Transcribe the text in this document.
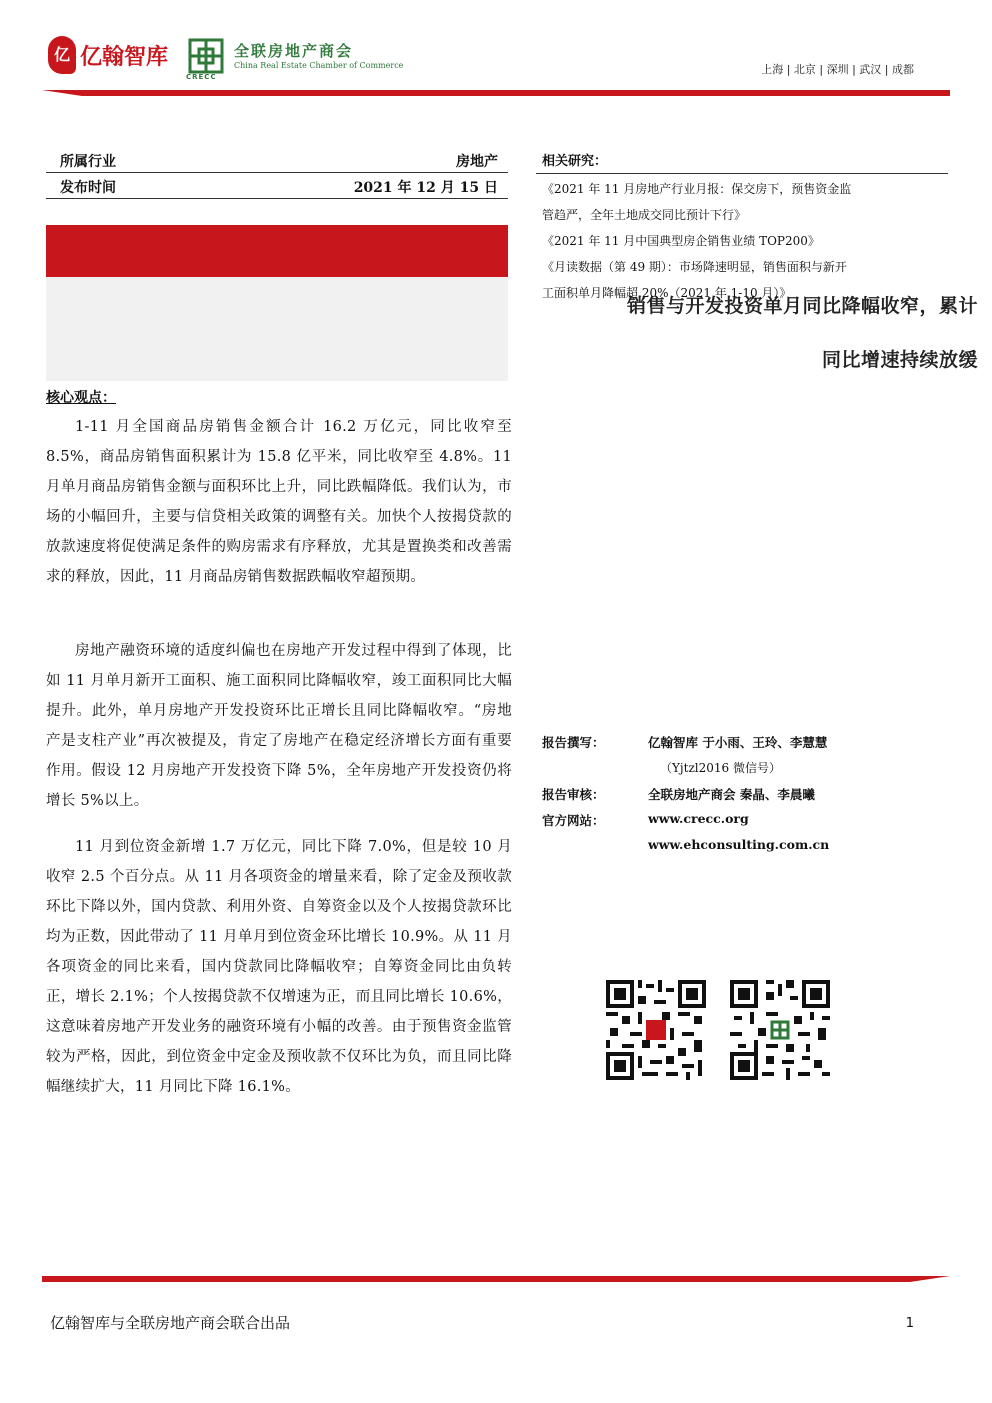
亿 亿翰智库
CRECC
全联房地产商会
China Real Estate Chamber of Commerce	上海 | 北京 | 深圳 | 武汉 | 成都
所属行业	房地产
发布时间	2021 年 12 月 15 日
销售与开发投资单月同比降幅收窄，累计
同比增速持续放缓
核心观点：

1-11 月全国商品房销售金额合计 16.2 万亿元，同比收窄至 8.5%，商品房销售面积累计为 15.8 亿平米，同比收窄至 4.8%。11 月单月商品房销售金额与面积环比上升，同比跌幅降低。我们认为，市场的小幅回升，主要与信贷相关政策的调整有关。加快个人按揭贷款的放款速度将促使满足条件的购房需求有序释放，尤其是置换类和改善需求的释放，因此，11 月商品房销售数据跌幅收窄超预期。

房地产融资环境的适度纠偏也在房地产开发过程中得到了体现，比如 11 月单月新开工面积、施工面积同比降幅收窄，竣工面积同比大幅提升。此外，单月房地产开发投资环比正增长且同比降幅收窄。“房地产是支柱产业”再次被提及，肯定了房地产在稳定经济增长方面有重要作用。假设 12 月房地产开发投资下降 5%，全年房地产开发投资仍将增长 5%以上。

11 月到位资金新增 1.7 万亿元，同比下降 7.0%，但是较 10 月收窄 2.5 个百分点。从 11 月各项资金的增量来看，除了定金及预收款环比下降以外，国内贷款、利用外资、自筹资金以及个人按揭贷款环比均为正数，因此带动了 11 月单月到位资金环比增长 10.9%。从 11 月各项资金的同比来看，国内贷款同比降幅收窄；自筹资金同比由负转正，增长 2.1%；个人按揭贷款不仅增速为正，而且同比增长 10.6%，这意味着房地产开发业务的融资环境有小幅的改善。由于预售资金监管较为严格，因此，到位资金中定金及预收款不仅环比为负，而且同比降幅继续扩大，11 月同比下降 16.1%。

相关研究：
《2021 年 11 月房地产行业月报：保交房下，预售资金监管趋严，全年土地成交同比预计下行》
《2021 年 11 月中国典型房企销售业绩 TOP200》
《月读数据（第 49 期）：市场降速明显，销售面积与新开工面积单月降幅超 20%（2021 年 1-10 月）》
报告撰写：	亿翰智库 于小雨、王玲、李慧慧
（Yjtzl2016 微信号）
报告审核：	全联房地产商会 秦晶、李晨曦
官方网站：	www.crecc.org
www.ehconsulting.com.cn
亿翰智库与全联房地产商会联合出品	1
